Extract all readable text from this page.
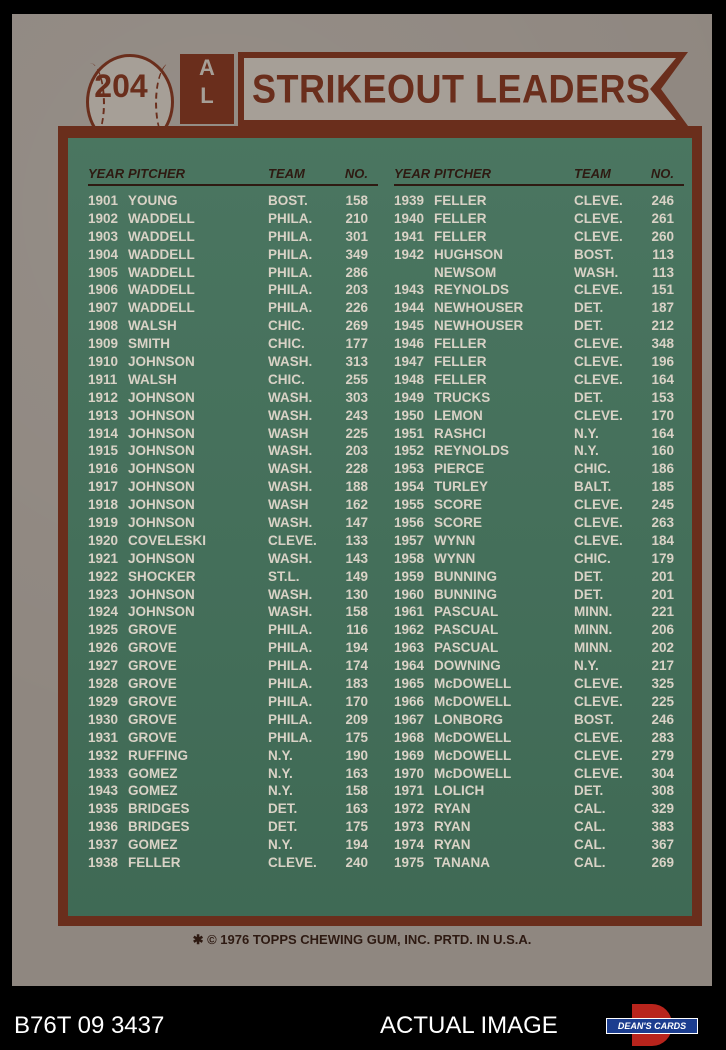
204
A
L	STRIKEOUT LEADERS
YEAR PITCHER	TEAM	NO.
1901 YOUNG	BOST.	158
1902 WADDELL	PHILA.	210
1903 WADDELL	PHILA.	301
1904 WADDELL	PHILA.	349
1905 WADDELL	PHILA.	286
1906 WADDELL	PHILA.	203
1907 WADDELL	PHILA.	226
1908 WALSH	CHIC.	269
1909 SMITH	CHIC.	177
1910 JOHNSON	WASH.	313
1911 WALSH	CHIC.	255
1912 JOHNSON	WASH.	303
1913 JOHNSON	WASH.	243
1914 JOHNSON	WASH	225
1915 JOHNSON	WASH.	203
1916 JOHNSON	WASH.	228
1917 JOHNSON	WASH.	188
1918 JOHNSON	WASH	162
1919 JOHNSON	WASH.	147
1920 COVELESKI	CLEVE.	133
1921 JOHNSON	WASH.	143
1922 SHOCKER	ST.L.	149
1923 JOHNSON	WASH.	130
1924 JOHNSON	WASH.	158
1925 GROVE	PHILA.	116
1926 GROVE	PHILA.	194
1927 GROVE	PHILA.	174
1928 GROVE	PHILA.	183
1929 GROVE	PHILA.	170
1930 GROVE	PHILA.	209
1931 GROVE	PHILA.	175
1932 RUFFING	N.Y.	190
1933 GOMEZ	N.Y.	163
1943 GOMEZ	N.Y.	158
1935 BRIDGES	DET.	163
1936 BRIDGES	DET.	175
1937 GOMEZ	N.Y.	194
1938 FELLER	CLEVE.	240
YEAR PITCHER	TEAM	NO.
1939 FELLER	CLEVE.	246
1940 FELLER	CLEVE.	261
1941 FELLER	CLEVE.	260
1942 HUGHSON	BOST.	113
NEWSOM	WASH.	113
1943 REYNOLDS	CLEVE.	151
1944 NEWHOUSER	DET.	187
1945 NEWHOUSER	DET.	212
1946 FELLER	CLEVE.	348
1947 FELLER	CLEVE.	196
1948 FELLER	CLEVE.	164
1949 TRUCKS	DET.	153
1950 LEMON	CLEVE.	170
1951 RASHCI	N.Y.	164
1952 REYNOLDS	N.Y.	160
1953 PIERCE	CHIC.	186
1954 TURLEY	BALT.	185
1955 SCORE	CLEVE.	245
1956 SCORE	CLEVE.	263
1957 WYNN	CLEVE.	184
1958 WYNN	CHIC.	179
1959 BUNNING	DET.	201
1960 BUNNING	DET.	201
1961 PASCUAL	MINN.	221
1962 PASCUAL	MINN.	206
1963 PASCUAL	MINN.	202
1964 DOWNING	N.Y.	217
1965 McDOWELL	CLEVE.	325
1966 McDOWELL	CLEVE.	225
1967 LONBORG	BOST.	246
1968 McDOWELL	CLEVE.	283
1969 McDOWELL	CLEVE.	279
1970 McDOWELL	CLEVE.	304
1971 LOLICH	DET.	308
1972 RYAN	CAL.	329
1973 RYAN	CAL.	383
1974 RYAN	CAL.	367
1975 TANANA	CAL.	269
✱ © 1976 TOPPS CHEWING GUM, INC. PRTD. IN U.S.A.
B76T 09 3437	ACTUAL IMAGE	DEAN'S CARDS
